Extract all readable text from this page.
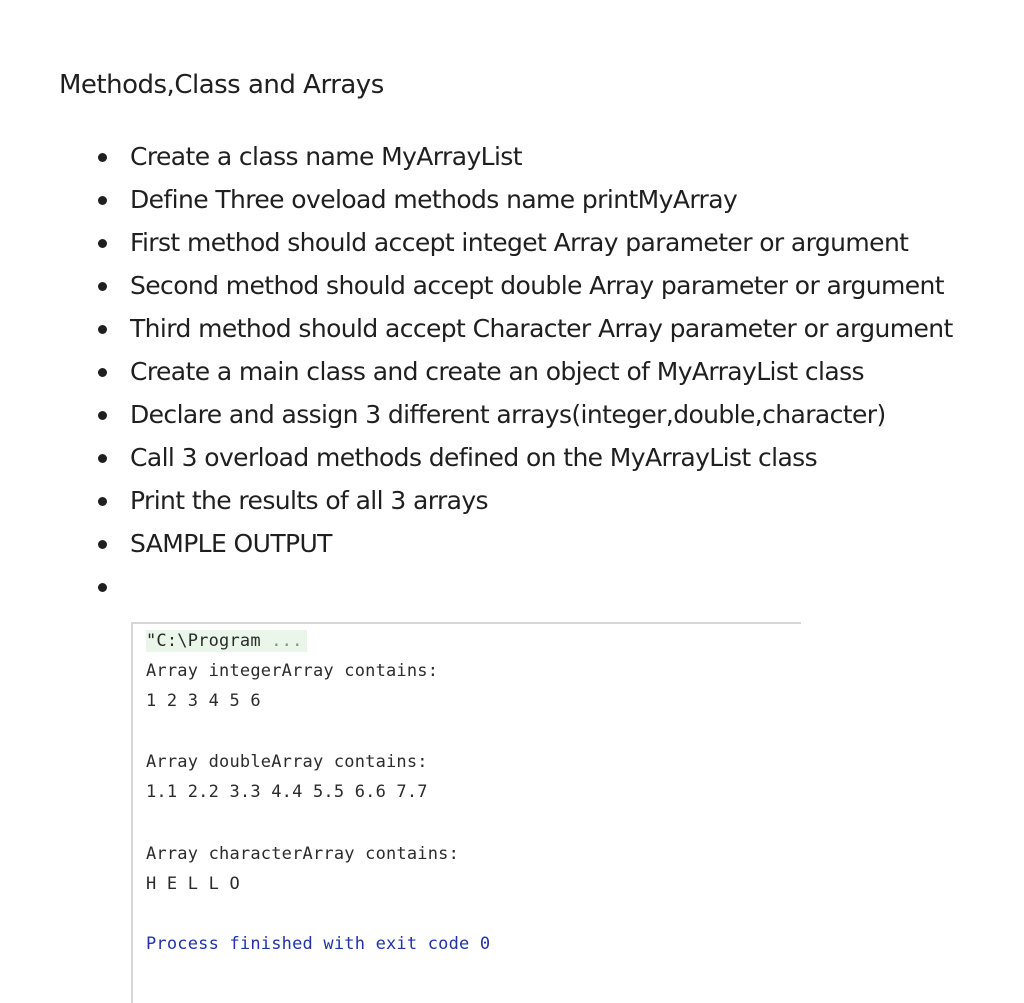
Methods,Class and Arrays
Create a class name MyArrayList
Define Three oveload methods name printMyArray
First method should accept integet Array parameter or argument
Second method should accept double Array parameter or argument
Third method should accept Character Array parameter or argument
Create a main class and create an object of MyArrayList class
Declare and assign 3 different arrays(integer,double,character)
Call 3 overload methods defined on the MyArrayList class
Print the results of all 3 arrays
SAMPLE OUTPUT
"C:\Program ...
Array integerArray contains:
1 2 3 4 5 6
Array doubleArray contains:
1.1 2.2 3.3 4.4 5.5 6.6 7.7
Array characterArray contains:
H E L L O
Process finished with exit code 0
